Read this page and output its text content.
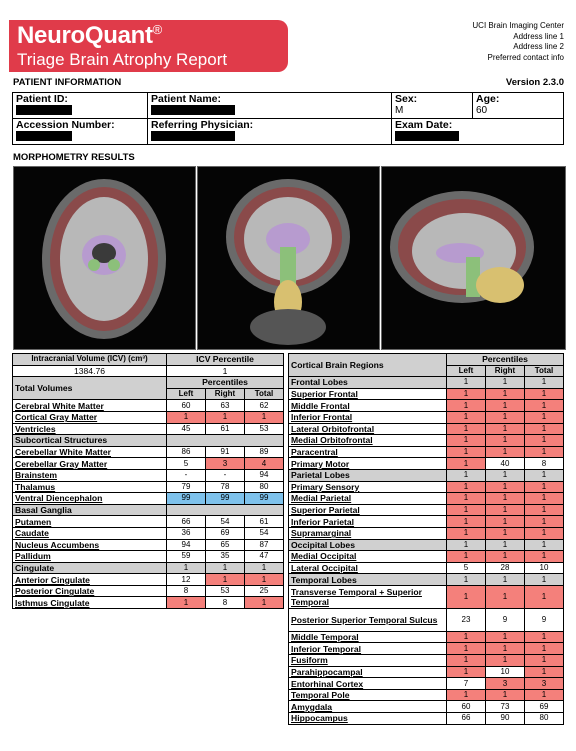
NeuroQuant®
Triage Brain Atrophy Report
UCI Brain Imaging Center
Address line 1
Address line 2
Preferred contact info
PATIENT INFORMATION	Version 2.3.0
Patient ID:	Patient Name:	Sex:
M	Age:
60

Accession Number:	Referring Physician:	Exam Date:	
MORPHOMETRY RESULTS
Intracranial Volume (ICV) (cm³)	ICV Percentile		
1384.76	1		
Total Volumes	Percentiles		
	Left	Right	Total
Cerebral White Matter	60	63	62
Cortical Gray Matter	1	1	1
Ventricles	45	61	53
Subcortical Structures			
Cerebellar White Matter	86	91	89
Cerebellar Gray Matter	5	3	4
Brainstem	-	-	94
Thalamus	79	78	80
Ventral Diencephalon	99	99	99
Basal Ganglia			
Putamen	66	54	61
Caudate	36	69	54
Nucleus Accumbens	94	65	87
Pallidum	59	35	47
Cingulate	1	1	1
Anterior Cingulate	12	1	1
Posterior Cingulate	8	53	25
Isthmus Cingulate	1	8	1
Cortical Brain Regions	Percentiles		
	Left	Right	Total
Frontal Lobes	1	1	1
Superior Frontal	1	1	1
Middle Frontal	1	1	1
Inferior Frontal	1	1	1
Lateral Orbitofrontal	1	1	1
Medial Orbitofrontal	1	1	1
Paracentral	1	1	1
Primary Motor	1	40	8
Parietal Lobes	1	1	1
Primary Sensory	1	1	1
Medial Parietal	1	1	1
Superior Parietal	1	1	1
Inferior Parietal	1	1	1
Supramarginal	1	1	1
Occipital Lobes	1	1	1
Medial Occipital	1	1	1
Lateral Occipital	5	28	10
Temporal Lobes	1	1	1
Transverse Temporal + Superior Temporal	1	1	1
Posterior Superior Temporal Sulcus	23	9	9
Middle Temporal	1	1	1
Inferior Temporal	1	1	1
Fusiform	1	1	1
Parahippocampal	1	10	1
Entorhinal Cortex	7	3	3
Temporal Pole	1	1	1
Amygdala	60	73	69
Hippocampus	66	90	80
